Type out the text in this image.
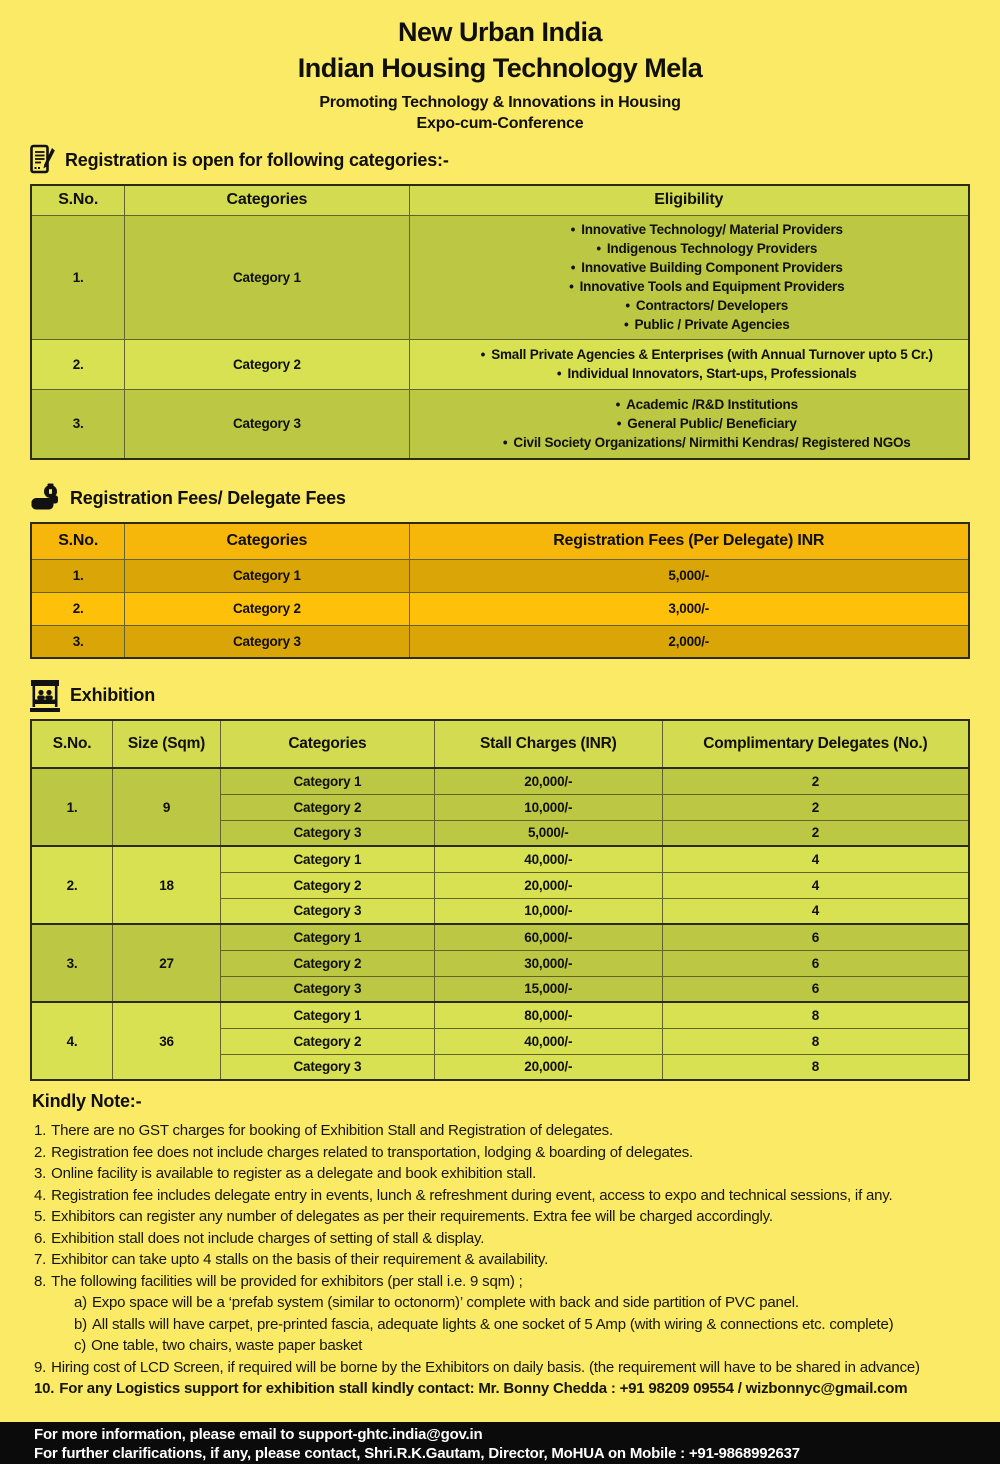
New Urban India
Indian Housing Technology Mela
Promoting Technology & Innovations in Housing
Expo-cum-Conference
Registration is open for following categories:-
S.No.	Categories	Eligibility
1.	Category 1	
• Innovative Technology/ Material Providers
• Indigenous Technology Providers
• Innovative Building Component Providers
• Innovative Tools and Equipment Providers
• Contractors/ Developers
• Public / Private Agencies

2.	Category 2	
• Small Private Agencies & Enterprises (with Annual Turnover upto 5 Cr.)
• Individual Innovators, Start-ups, Professionals

3.	Category 3	
• Academic /R&D Institutions
• General Public/ Beneficiary
• Civil Society Organizations/ Nirmithi Kendras/ Registered NGOs
Registration Fees/ Delegate Fees
S.No.	Categories	Registration Fees (Per Delegate) INR
1.	Category 1	5,000/-
2.	Category 2	3,000/-
3.	Category 3	2,000/-
Exhibition
S.No.	Size (Sqm)	Categories	Stall Charges (INR)	Complimentary Delegates (No.)
1.	9	Category 1	20,000/-	2
		Category 2	10,000/-	2
		Category 3	5,000/-	2
2.	18	Category 1	40,000/-	4
		Category 2	20,000/-	4
		Category 3	10,000/-	4
3.	27	Category 1	60,000/-	6
		Category 2	30,000/-	6
		Category 3	15,000/-	6
4.	36	Category 1	80,000/-	8
		Category 2	40,000/-	8
		Category 3	20,000/-	8
Kindly Note:-
1. There are no GST charges for booking of Exhibition Stall and Registration of delegates.
2. Registration fee does not include charges related to transportation, lodging & boarding of delegates.
3. Online facility is available to register as a delegate and book exhibition stall.
4. Registration fee includes delegate entry in events, lunch & refreshment during event, access to expo and technical sessions, if any.
5. Exhibitors can register any number of delegates as per their requirements. Extra fee will be charged accordingly.
6. Exhibition stall does not include charges of setting of stall & display.
7. Exhibitor can take upto 4 stalls on the basis of their requirement & availability.
8. The following facilities will be provided for exhibitors (per stall i.e. 9 sqm) ;
a) Expo space will be a ‘prefab system (similar to octonorm)’ complete with back and side partition of PVC panel.
b) All stalls will have carpet, pre-printed fascia, adequate lights & one socket of 5 Amp (with wiring & connections etc. complete)
c) One table, two chairs, waste paper basket
9. Hiring cost of LCD Screen, if required will be borne by the Exhibitors on daily basis. (the requirement will have to be shared in advance)
10. For any Logistics support for exhibition stall kindly contact: Mr. Bonny Chedda : +91 98209 09554 / wizbonnyc@gmail.com
For more information, please email to support-ghtc.india@gov.in
For further clarifications, if any, please contact, Shri.R.K.Gautam, Director, MoHUA on Mobile : +91-9868992637
